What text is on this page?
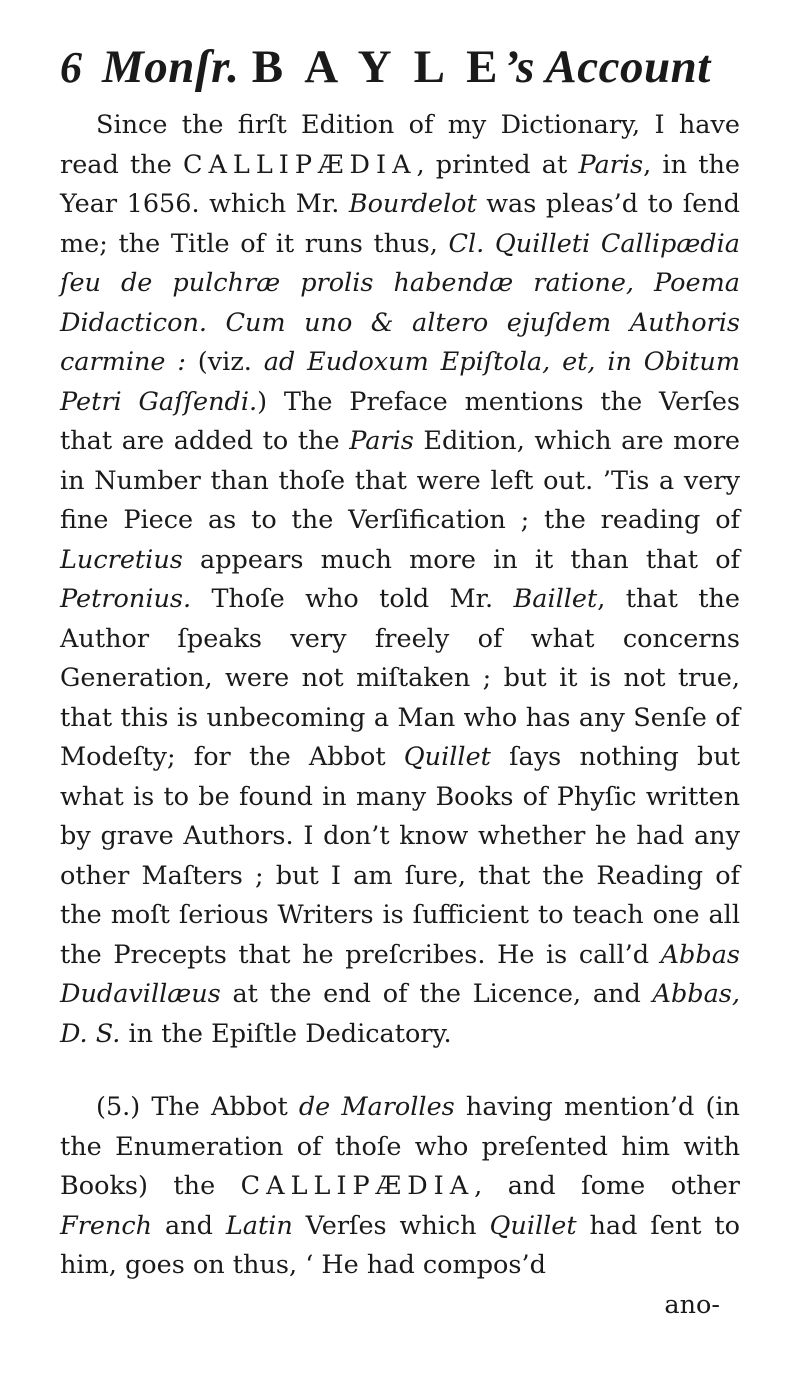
6 Monſr. B A Y L E’s Account

Since the firſt Edition of my Dictionary, I have read the CALLIPÆDIA, printed at Paris, in the Year 1656. which Mr. Bourdelot was pleas’d to ſend me; the Title of it runs thus, Cl. Quilleti Callipædia ſeu de pulchræ prolis habendæ ratione, Poema Didacticon. Cum uno & altero ejuſdem Authoris carmine : (viz. ad Eudoxum Epiſtola, et, in Obitum Petri Gaſſendi.) The Preface mentions the Verſes that are added to the Paris Edition, which are more in Number than thoſe that were left out. ’Tis a very fine Piece as to the Verſification ; the reading of Lucretius appears much more in it than that of Petronius. Thoſe who told Mr. Baillet, that the Author ſpeaks very freely of what concerns Generation, were not miſtaken ; but it is not true, that this is unbecoming a Man who has any Senſe of Modeſty; for the Abbot Quillet ſays nothing but what is to be found in many Books of Phyſic written by grave Authors. I don’t know whether he had any other Maſters ; but I am ſure, that the Reading of the moſt ſerious Writers is ſufficient to teach one all the Precepts that he preſcribes. He is call’d Abbas Dudavillæus at the end of the Licence, and Abbas, D. S. in the Epiſtle Dedicatory.

(5.) The Abbot de Marolles having mention’d (in the Enumeration of thoſe who preſented him with Books) the CALLIPÆDIA, and ſome other French and Latin Verſes which Quillet had ſent to him, goes on thus, ‘ He had compos’d

ano-
